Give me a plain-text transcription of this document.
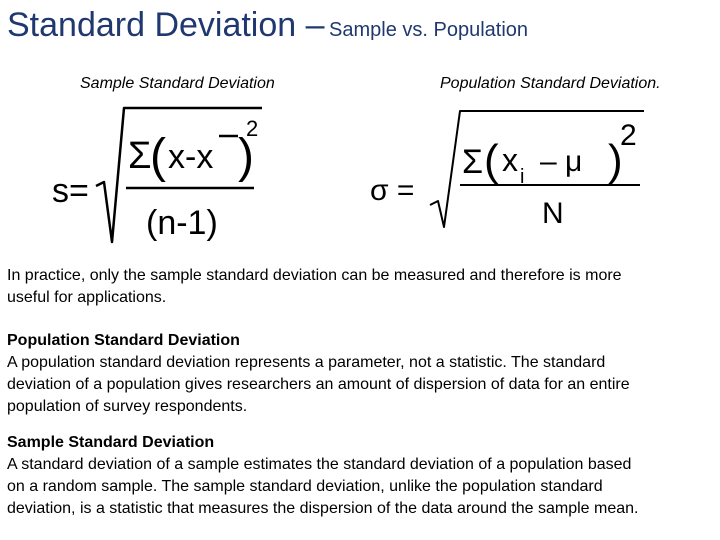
Standard Deviation – Sample vs. Population
Sample Standard Deviation	Population Standard Deviation.
s=
Σ
( x-x )
2
(n-1)
σ =
Σ ( x i – μ )
2
N
In practice, only the sample standard deviation can be measured and therefore is more
useful for applications.
Population Standard Deviation
A population standard deviation represents a parameter, not a statistic. The standard
deviation of a population gives researchers an amount of dispersion of data for an entire
population of survey respondents.
Sample Standard Deviation
A standard deviation of a sample estimates the standard deviation of a population based
on a random sample. The sample standard deviation, unlike the population standard
deviation, is a statistic that measures the dispersion of the data around the sample mean.
